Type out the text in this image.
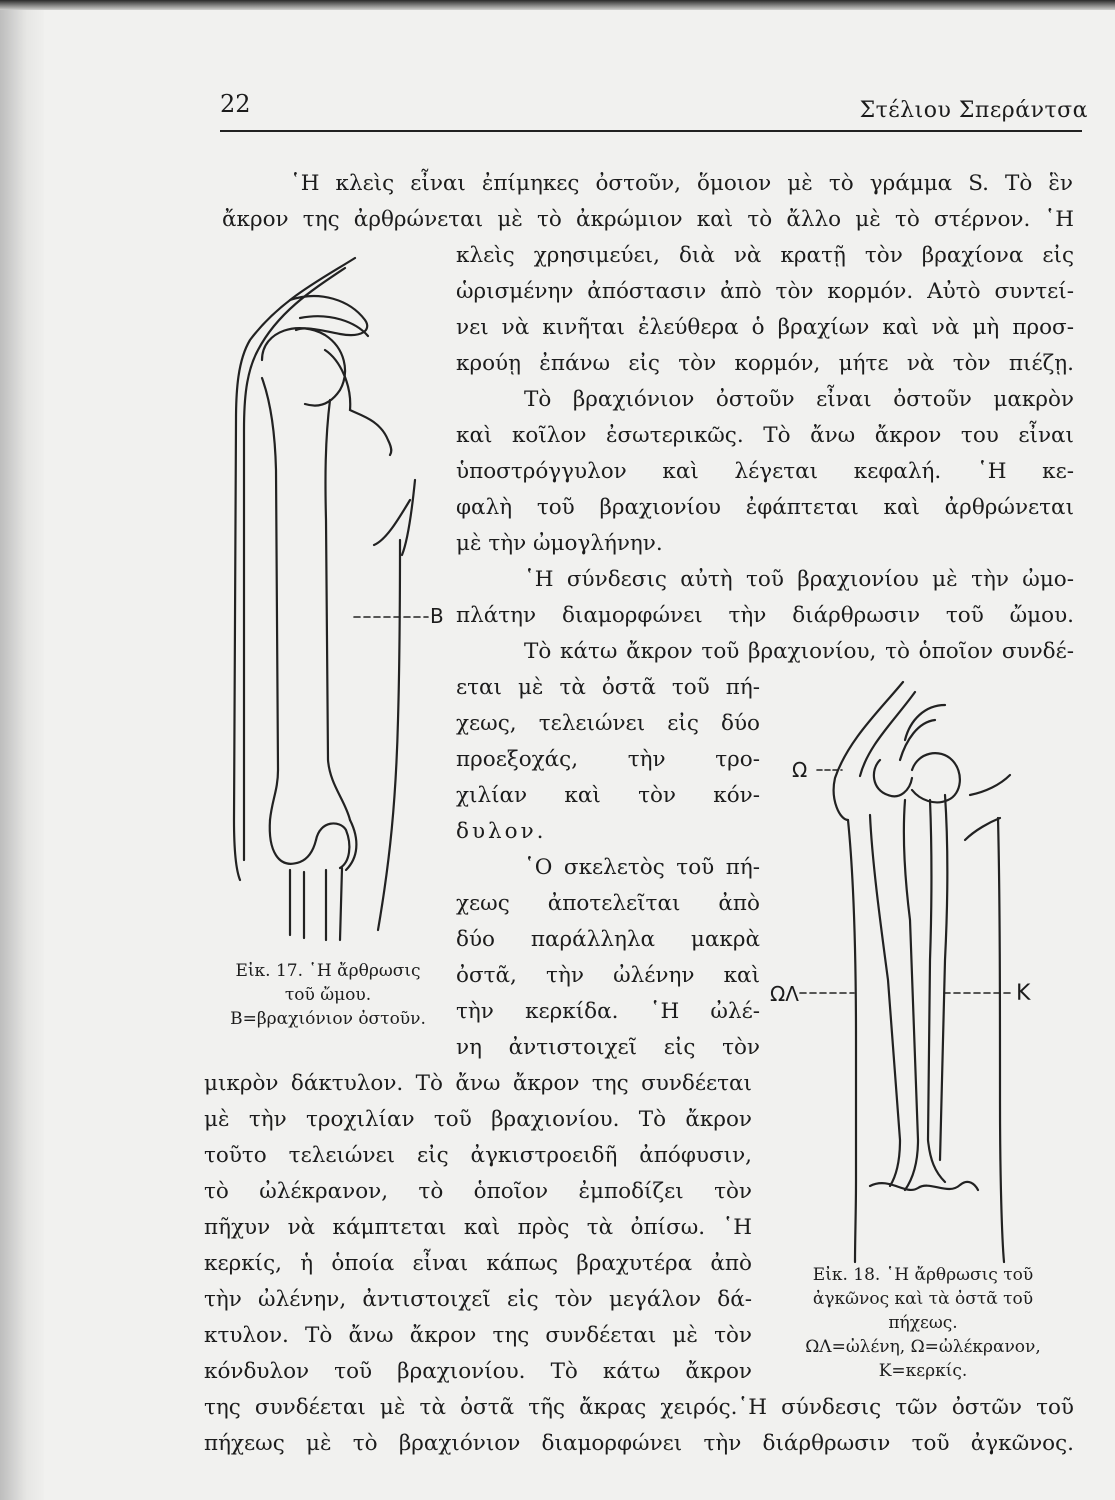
22	Στέλιου Σπεράντσα
῾Η κλεὶς εἶναι ἐπίμηκες ὀστοῦν, ὅμοιον μὲ τὸ γράμμα S. Τὸ ἓν
ἄκρον της ἀρθρώνεται μὲ τὸ ἀκρώμιον καὶ τὸ ἄλλο μὲ τὸ στέρνον. ῾Η
κλεὶς χρησιμεύει, διὰ νὰ κρατῇ τὸν βραχίονα εἰς
ὡρισμένην ἀπόστασιν ἀπὸ τὸν κορμόν. Αὐτὸ συντεί-
νει νὰ κινῆται ἐλεύθερα ὁ βραχίων καὶ νὰ μὴ προσ-
κρούῃ ἐπάνω εἰς τὸν κορμόν, μήτε νὰ τὸν πιέζῃ.
Τὸ βραχιόνιον ὀστοῦν εἶναι ὀστοῦν μακρὸν
καὶ κοῖλον ἐσωτερικῶς. Τὸ ἄνω ἄκρον του εἶναι
ὑποστρόγγυλον καὶ λέγεται κεφαλή. ῾Η κε-
φαλὴ τοῦ βραχιονίου ἐφάπτεται καὶ ἀρθρώνεται
μὲ τὴν ὠμογλήνην.
῾Η σύνδεσις αὐτὴ τοῦ βραχιονίου μὲ τὴν ὠμο-
πλάτην διαμορφώνει τὴν διάρθρωσιν τοῦ ὤμου.
Τὸ κάτω ἄκρον τοῦ βραχιονίου, τὸ ὁποῖον συνδέ-
εται μὲ τὰ ὀστᾶ τοῦ πή-
χεως, τελειώνει εἰς δύο
προεξοχάς, τὴν τρο-
χιλίαν καὶ τὸν κόν-
δυλον.
῾Ο σκελετὸς τοῦ πή-
χεως ἀποτελεῖται ἀπὸ
δύο παράλληλα μακρὰ
ὀστᾶ, τὴν ὠλένην καὶ
τὴν κερκίδα. ῾Η ὠλέ-
νη ἀντιστοιχεῖ εἰς τὸν
μικρὸν δάκτυλον. Τὸ ἄνω ἄκρον της συνδέεται
μὲ τὴν τροχιλίαν τοῦ βραχιονίου. Τὸ ἄκρον
τοῦτο τελειώνει εἰς ἀγκιστροειδῆ ἀπόφυσιν,
τὸ ὠλέκρανον, τὸ ὁποῖον ἐμποδίζει τὸν
πῆχυν νὰ κάμπτεται καὶ πρὸς τὰ ὀπίσω. ῾Η
κερκίς, ἡ ὁποία εἶναι κάπως βραχυτέρα ἀπὸ
τὴν ὠλένην, ἀντιστοιχεῖ εἰς τὸν μεγάλον δά-
κτυλον. Τὸ ἄνω ἄκρον της συνδέεται μὲ τὸν
κόνδυλον τοῦ βραχιονίου. Τὸ κάτω ἄκρον
της συνδέεται μὲ τὰ ὀστᾶ τῆς ἄκρας χειρός.῾Η σύνδεσις τῶν ὀστῶν τοῦ
πήχεως μὲ τὸ βραχιόνιον διαμορφώνει τὴν διάρθρωσιν τοῦ ἀγκῶνος.
B
Εἰκ. 17. ῾Η ἄρθρωσις
τοῦ ὤμου.
Β=βραχιόνιον ὀστοῦν.
Ω
ΩΛ	Κ
Εἰκ. 18. ῾Η ἄρθρωσις τοῦ
ἀγκῶνος καὶ τὰ ὀστᾶ τοῦ
πήχεως.
ΩΛ=ὠλένη, Ω=ὠλέκρανον,
Κ=κερκίς.
